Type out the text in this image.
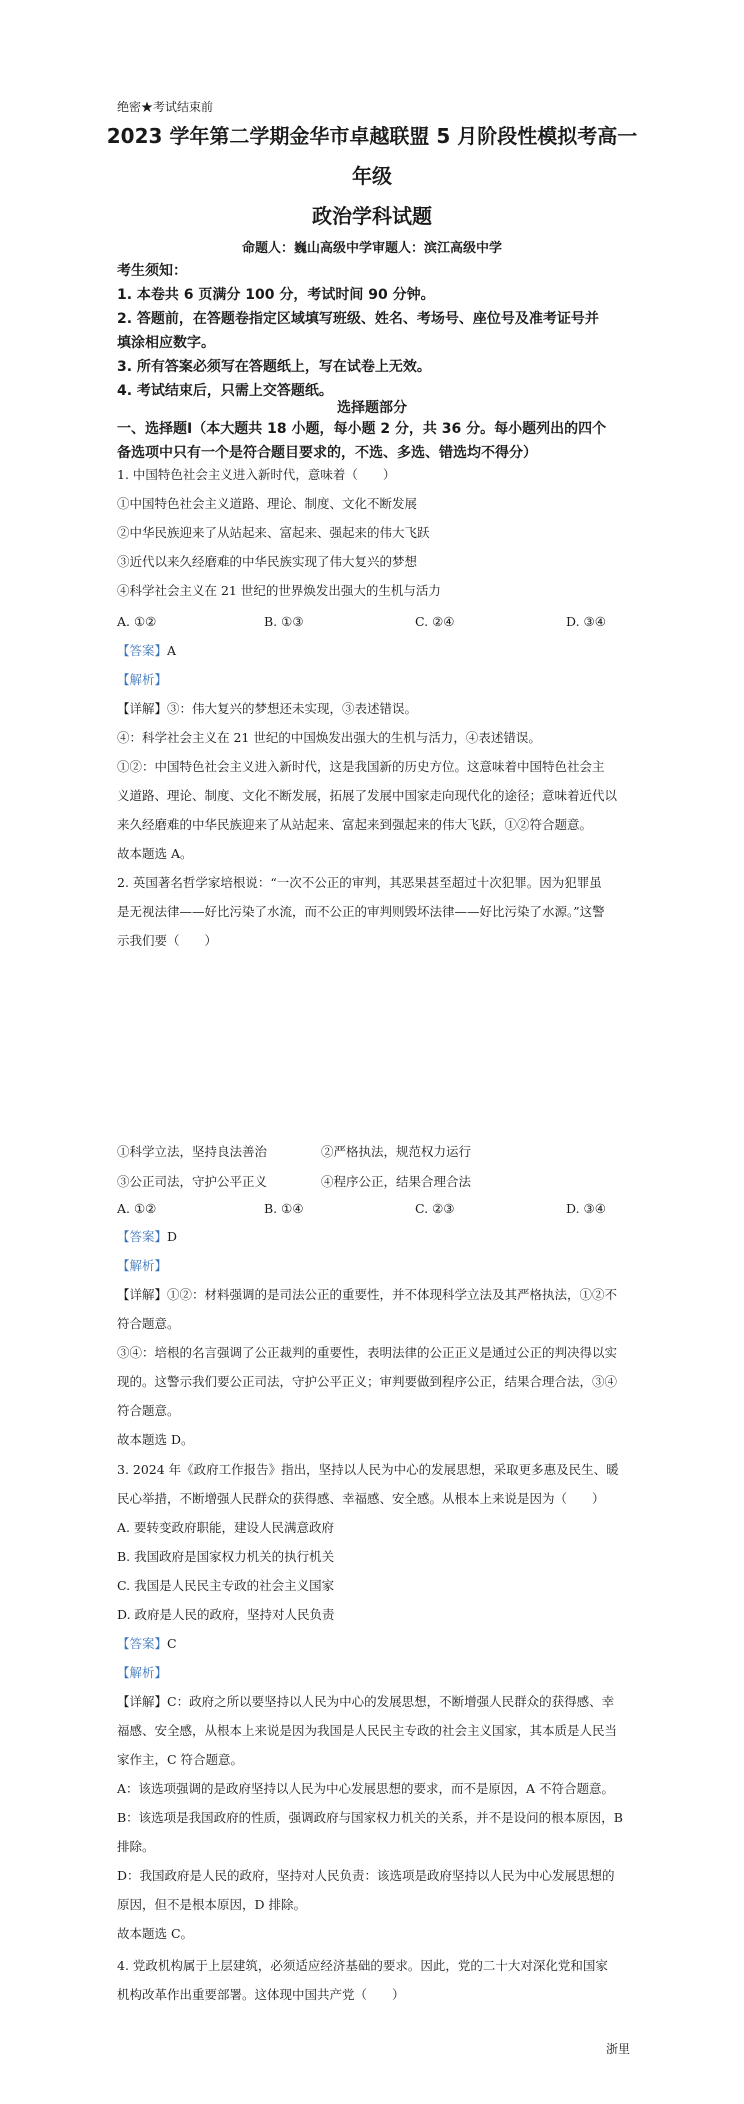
绝密★考试结束前
2023 学年第二学期金华市卓越联盟 5 月阶段性模拟考高一
年级
政治学科试题
命题人：巍山高级中学审题人：滨江高级中学
考生须知：
1. 本卷共 6 页满分 100 分，考试时间 90 分钟。
2. 答题前，在答题卷指定区域填写班级、姓名、考场号、座位号及准考证号并
填涂相应数字。
3. 所有答案必须写在答题纸上，写在试卷上无效。
4. 考试结束后，只需上交答题纸。
选择题部分
一、选择题Ⅰ（本大题共 18 小题，每小题 2 分，共 36 分。每小题列出的四个
备选项中只有一个是符合题目要求的，不选、多选、错选均不得分）
1. 中国特色社会主义进入新时代，意味着（　　）
①中国特色社会主义道路、理论、制度、文化不断发展
②中华民族迎来了从站起来、富起来、强起来的伟大飞跃
③近代以来久经磨难的中华民族实现了伟大复兴的梦想
④科学社会主义在 21 世纪的世界焕发出强大的生机与活力
A. ①②	B. ①③	C. ②④	D. ③④
【答案】A
【解析】
【详解】③：伟大复兴的梦想还未实现，③表述错误。
④：科学社会主义在 21 世纪的中国焕发出强大的生机与活力，④表述错误。
①②：中国特色社会主义进入新时代，这是我国新的历史方位。这意味着中国特色社会主
义道路、理论、制度、文化不断发展，拓展了发展中国家走向现代化的途径；意味着近代以
来久经磨难的中华民族迎来了从站起来、富起来到强起来的伟大飞跃，①②符合题意。
故本题选 A。
2. 英国著名哲学家培根说：“一次不公正的审判，其恶果甚至超过十次犯罪。因为犯罪虽
是无视法律——好比污染了水流，而不公正的审判则毁坏法律——好比污染了水源。”这警
示我们要（　　）
①科学立法，坚持良法善治	②严格执法，规范权力运行
③公正司法，守护公平正义	④程序公正，结果合理合法
A. ①②	B. ①④	C. ②③	D. ③④
【答案】D
【解析】
【详解】①②：材料强调的是司法公正的重要性，并不体现科学立法及其严格执法，①②不
符合题意。
③④：培根的名言强调了公正裁判的重要性，表明法律的公正正义是通过公正的判决得以实
现的。这警示我们要公正司法，守护公平正义；审判要做到程序公正，结果合理合法，③④
符合题意。
故本题选 D。
3. 2024 年《政府工作报告》指出，坚持以人民为中心的发展思想，采取更多惠及民生、暖
民心举措，不断增强人民群众的获得感、幸福感、安全感。从根本上来说是因为（　　）
A. 要转变政府职能，建设人民满意政府
B. 我国政府是国家权力机关的执行机关
C. 我国是人民民主专政的社会主义国家
D. 政府是人民的政府，坚持对人民负责
【答案】C
【解析】
【详解】C：政府之所以要坚持以人民为中心的发展思想，不断增强人民群众的获得感、幸
福感、安全感，从根本上来说是因为我国是人民民主专政的社会主义国家，其本质是人民当
家作主，C 符合题意。
A：该选项强调的是政府坚持以人民为中心发展思想的要求，而不是原因，A 不符合题意。
B：该选项是我国政府的性质，强调政府与国家权力机关的关系，并不是设问的根本原因，B
排除。
D：我国政府是人民的政府，坚持对人民负责：该选项是政府坚持以人民为中心发展思想的
原因，但不是根本原因，D 排除。
故本题选 C。
4. 党政机构属于上层建筑，必须适应经济基础的要求。因此，党的二十大对深化党和国家
机构改革作出重要部署。这体现中国共产党（　　）
浙里
